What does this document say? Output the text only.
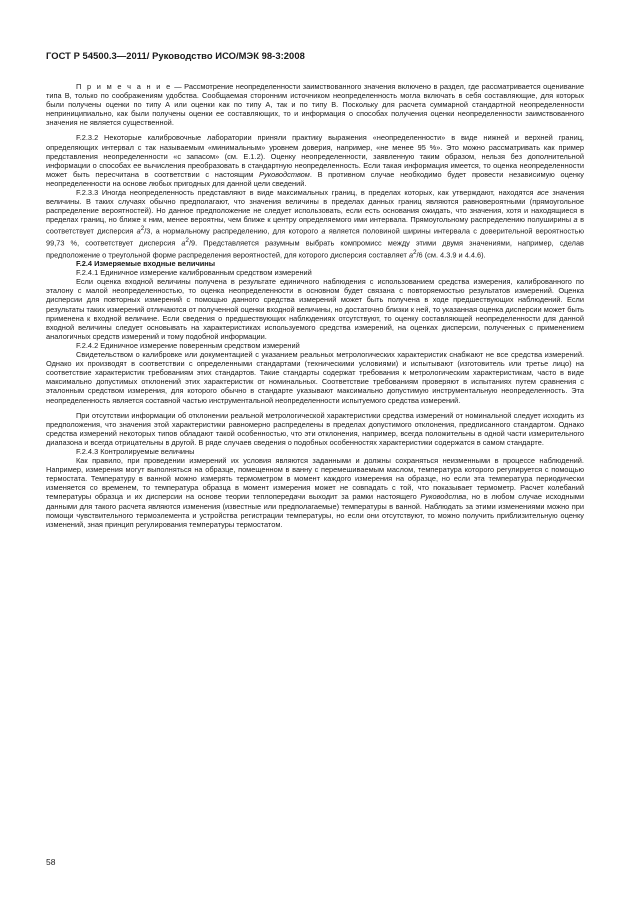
ГОСТ Р 54500.3—2011/ Руководство ИСО/МЭК 98-3:2008

П р и м е ч а н и е — Рассмотрение неопределенности заимствованного значения включено в раздел, где рассматривается оценивание типа В, только по соображениям удобства. Сообщаемая сторонним источником неопределенность могла включать в себя составляющие, для которых были получены оценки по типу А или оценки как по типу А, так и по типу В. Поскольку для расчета суммарной стандартной неопределенности неприниципиально, как были получены оценки ее составляющих, то и информация о способах получения оценки неопределенности заимствованного значения не является существенной.

F.2.3.2 Некоторые калибровочные лаборатории приняли практику выражения «неопределенности» в виде нижней и верхней границ, определяющих интервал с так называемым «минимальным» уровнем доверия, например, «не менее 95 %». Это можно рассматривать как пример представления неопределенности «с запасом» (см. Е.1.2). Оценку неопределенности, заявленную таким образом, нельзя без дополнительной информации о способах ее вычисления преобразовать в стандартную неопределенность. Если такая информация имеется, то оценка неопределенности может быть пересчитана в соответствии с настоящим Руководством. В противном случае необходимо будет провести независимую оценку неопределенности на основе любых пригодных для данной цели сведений.

F.2.3.3 Иногда неопределенность представляют в виде максимальных границ, в пределах которых, как утверждают, находятся все значения величины. В таких случаях обычно предполагают, что значения величины в пределах данных границ являются равновероятными (прямоугольное распределение вероятностей). Но данное предположение не следует использовать, если есть основания ожидать, что значения, хотя и находящиеся в пределах границ, но ближе к ним, менее вероятны, чем ближе к центру определяемого ими интервала. Прямоугольному распределению полуширины a в соответствует дисперсия $a^2/3$, а нормальному распределению, для которого a является половиной ширины интервала с доверительной вероятностью 99,73 %, соответствует дисперсия $a^2/9$. Представляется разумным выбрать компромисс между этими двумя значениями, например, сделав предположение о треугольной форме распределения вероятностей, для которого дисперсия составляет $a^2/6$ (см. 4.3.9 и 4.4.6).

F.2.4 Измеряемые входные величины

F.2.4.1 Единичное измерение калиброванным средством измерений

Если оценка входной величины получена в результате единичного наблюдения с использованием средства измерения, калиброванного по эталону с малой неопределенностью, то оценка неопределенности в основном будет связана с повторяемостью результатов измерений. Оценка дисперсии для повторных измерений с помощью данного средства измерений может быть получена в ходе предшествующих наблюдений. Если результаты таких измерений отличаются от полученной оценки входной величины, но достаточно близки к ней, то указанная оценка дисперсии может быть применена к входной величине. Если сведения о предшествующих наблюдениях отсутствуют, то оценку составляющей неопределенности для данной входной величины следует основывать на характеристиках используемого средства измерений, на оценках дисперсии, полученных с применением аналогичных средств измерений и тому подобной информации.

F.2.4.2 Единичное измерение поверенным средством измерений

Свидетельством о калибровке или документацией с указанием реальных метрологических характеристик снабжают не все средства измерений. Однако их производят в соответствии с определенными стандартами (техническими условиями) и испытывают (изготовитель или третье лицо) на соответствие характеристик требованиям этих стандартов. Такие стандарты содержат требования к метрологическим характеристикам, часто в виде максимально допустимых отклонений этих характеристик от номинальных. Соответствие требованиям проверяют в испытаниях путем сравнения с эталонным средством измерения, для которого обычно в стандарте указывают максимально допустимую инструментальную неопределенность. Эта неопределенность является составной частью инструментальной неопределенности испытуемого средства измерений.

При отсутствии информации об отклонении реальной метрологической характеристики средства измерений от номинальной следует исходить из предположения, что значения этой характеристики равномерно распределены в пределах допустимого отклонения, предписанного стандартом. Однако средства измерений некоторых типов обладают такой особенностью, что эти отклонения, например, всегда положительны в одной части измерительного диапазона и всегда отрицательны в другой. В ряде случаев сведения о подобных особенностях характеристики содержатся в самом стандарте.

F.2.4.3 Контролируемые величины

Как правило, при проведении измерений их условия являются заданными и должны сохраняться неизменными в процессе наблюдений. Например, измерения могут выполняться на образце, помещенном в ванну с перемешиваемым маслом, температура которого регулируется с помощью термостата. Температуру в ванной можно измерять термометром в момент каждого измерения на образце, но если эта температура периодически изменяется со временем, то температура образца в момент измерения может не совпадать с той, что показывает термометр. Расчет колебаний температуры образца и их дисперсии на основе теории теплопередачи выходит за рамки настоящего Руководства, но в любом случае исходными данными для такого расчета являются изменения (известные или предполагаемые) температуры в ванной. Наблюдать за этими изменениями можно при помощи чувствительного термоэлемента и устройства регистрации температуры, но если они отсутствуют, то можно получить приблизительную оценку изменений, зная принцип регулирования температуры термостатом.

58
